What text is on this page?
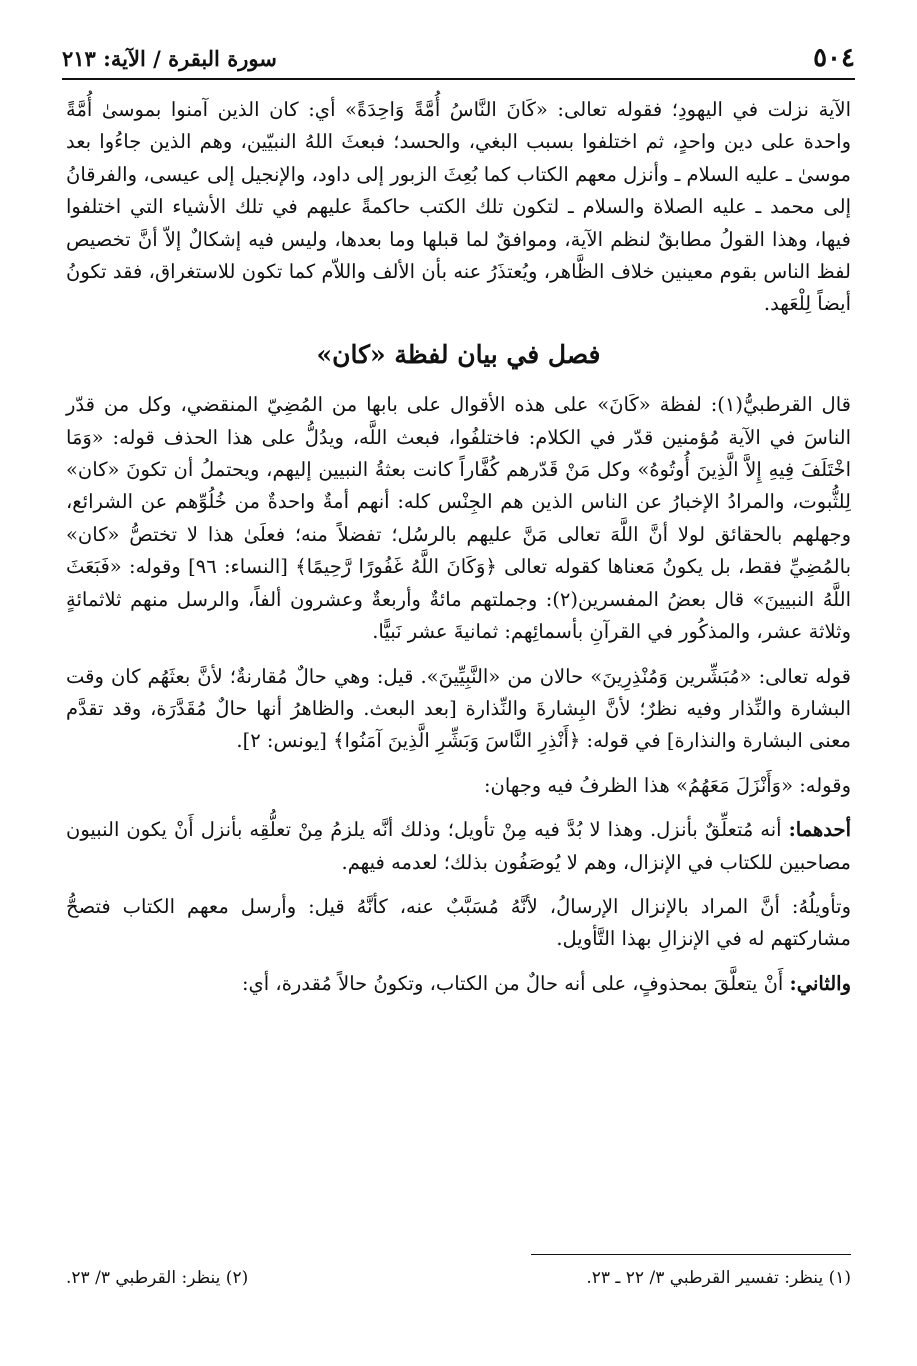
٥٠٤
سورة البقرة / الآية: ٢١٣

الآية نزلت في اليهودِ؛ فقوله تعالى: «كَانَ النَّاسُ أُمَّةً وَاحِدَةً» أي: كان الذين آمنوا بموسىٰ أُمَّةً واحدة على دين واحدٍ، ثم اختلفوا بسبب البغي، والحسد؛ فبعثَ اللهُ النبيّين، وهم الذين جاءُوا بعد موسىٰ ـ عليه السلام ـ وأنزل معهم الكتاب كما بُعِثَ الزبور إلى داود، والإنجيل إلى عيسى، والفرقانُ إلى محمد ـ عليه الصلاة والسلام ـ لتكون تلك الكتب حاكمةً عليهم في تلك الأشياء التي اختلفوا فيها، وهذا القولُ مطابقٌ لنظم الآية، وموافقٌ لما قبلها وما بعدها، وليس فيه إشكالٌ إلاّ أنَّ تخصيص لفظ الناس بقوم معينين خلاف الظَّاهر، ويُعتذَرُ عنه بأن الألف واللاّم كما تكون للاستغراق، فقد تكونُ أيضاً لِلْعَهد.

فصل في بيان لفظة «كان»

قال القرطبيُّ(١): لفظة «كَانَ» على هذه الأقوال على بابها من المُضِيّ المنقضي، وكل من قدّر الناسَ في الآية مُؤمنين قدّر في الكلام: فاختلفُوا، فبعث اللَّه، ويدُلُّ على هذا الحذف قوله: «وَمَا اخْتَلَفَ فِيهِ إِلاَّ الَّذِينَ أُوتُوهُ» وكل مَنْ قَدّرهم كُفَّاراً كانت بعثةُ النبيين إليهم، ويحتملُ أن تكونَ «كان» لِلثُّبوت، والمرادُ الإخبارُ عن الناس الذين هم الجِنْس كله: أنهم أمةٌ واحدةٌ من خُلُوِّهم عن الشرائع، وجهلهم بالحقائق لولا أنَّ اللَّهَ تعالى مَنَّ عليهم بالرسُل؛ تفضلاً منه؛ فعلَىٰ هذا لا تختصُّ «كان» بالمُضِيِّ فقط، بل يكونُ مَعناها كقوله تعالى ﴿وَكَانَ اللَّهُ غَفُورًا رَّحِيمًا﴾ [النساء: ٩٦] وقوله: «فَبَعَثَ اللَّهُ النبيينَ» قال بعضُ المفسرين(٢): وجملتهم مائةٌ وأربعةٌ وعشرون ألفاً، والرسل منهم ثلاثمائةٍ وثلاثة عشر، والمذكُور في القرآنِ بأسمائِهم: ثمانيةَ عشر نَبيًّا.

قوله تعالى: «مُبَشِّرين وَمُنْذِرِينَ» حالان من «النَّبِيِّينَ». قيل: وهي حالٌ مُقارنةٌ؛ لأنَّ بعثَهُم كان وقت البشارة والنِّذار وفيه نظرٌ؛ لأنَّ البِشارةَ والنِّذارة [بعد البعث. والظاهرُ أنها حالٌ مُقَدَّرَة، وقد تقدَّم معنى البشارة والنذارة] في قوله: ﴿أَنْذِرِ النَّاسَ وَبَشِّرِ الَّذِينَ آمَنُوا﴾ [يونس: ٢].

وقوله: «وَأَنْزَلَ مَعَهُمُ» هذا الظرفُ فيه وجهان:

أحدهما: أنه مُتعلِّقٌ بأنزل. وهذا لا بُدَّ فيه مِنْ تأويل؛ وذلك أنَّه يلزمُ مِنْ تعلُّقِه بأنزل أَنْ يكون النبيون مصاحبين للكتاب في الإنزال، وهم لا يُوصَفُون بذلك؛ لعدمه فيهم.

وتأويلُهُ: أنَّ المراد بالإنزال الإرسالُ، لأنَّهُ مُسَبَّبٌ عنه، كأنَّهُ قيل: وأرسل معهم الكتاب فتصحُّ مشاركتهم له في الإنزالِ بهذا التَّأويل.

والثاني: أَنْ يتعلَّقَ بمحذوفٍ، على أنه حالٌ من الكتاب، وتكونُ حالاً مُقدرة، أي:

(١) ينظر: تفسير القرطبي ٣/ ٢٢ ـ ٢٣.
(٢) ينظر: القرطبي ٣/ ٢٣.
